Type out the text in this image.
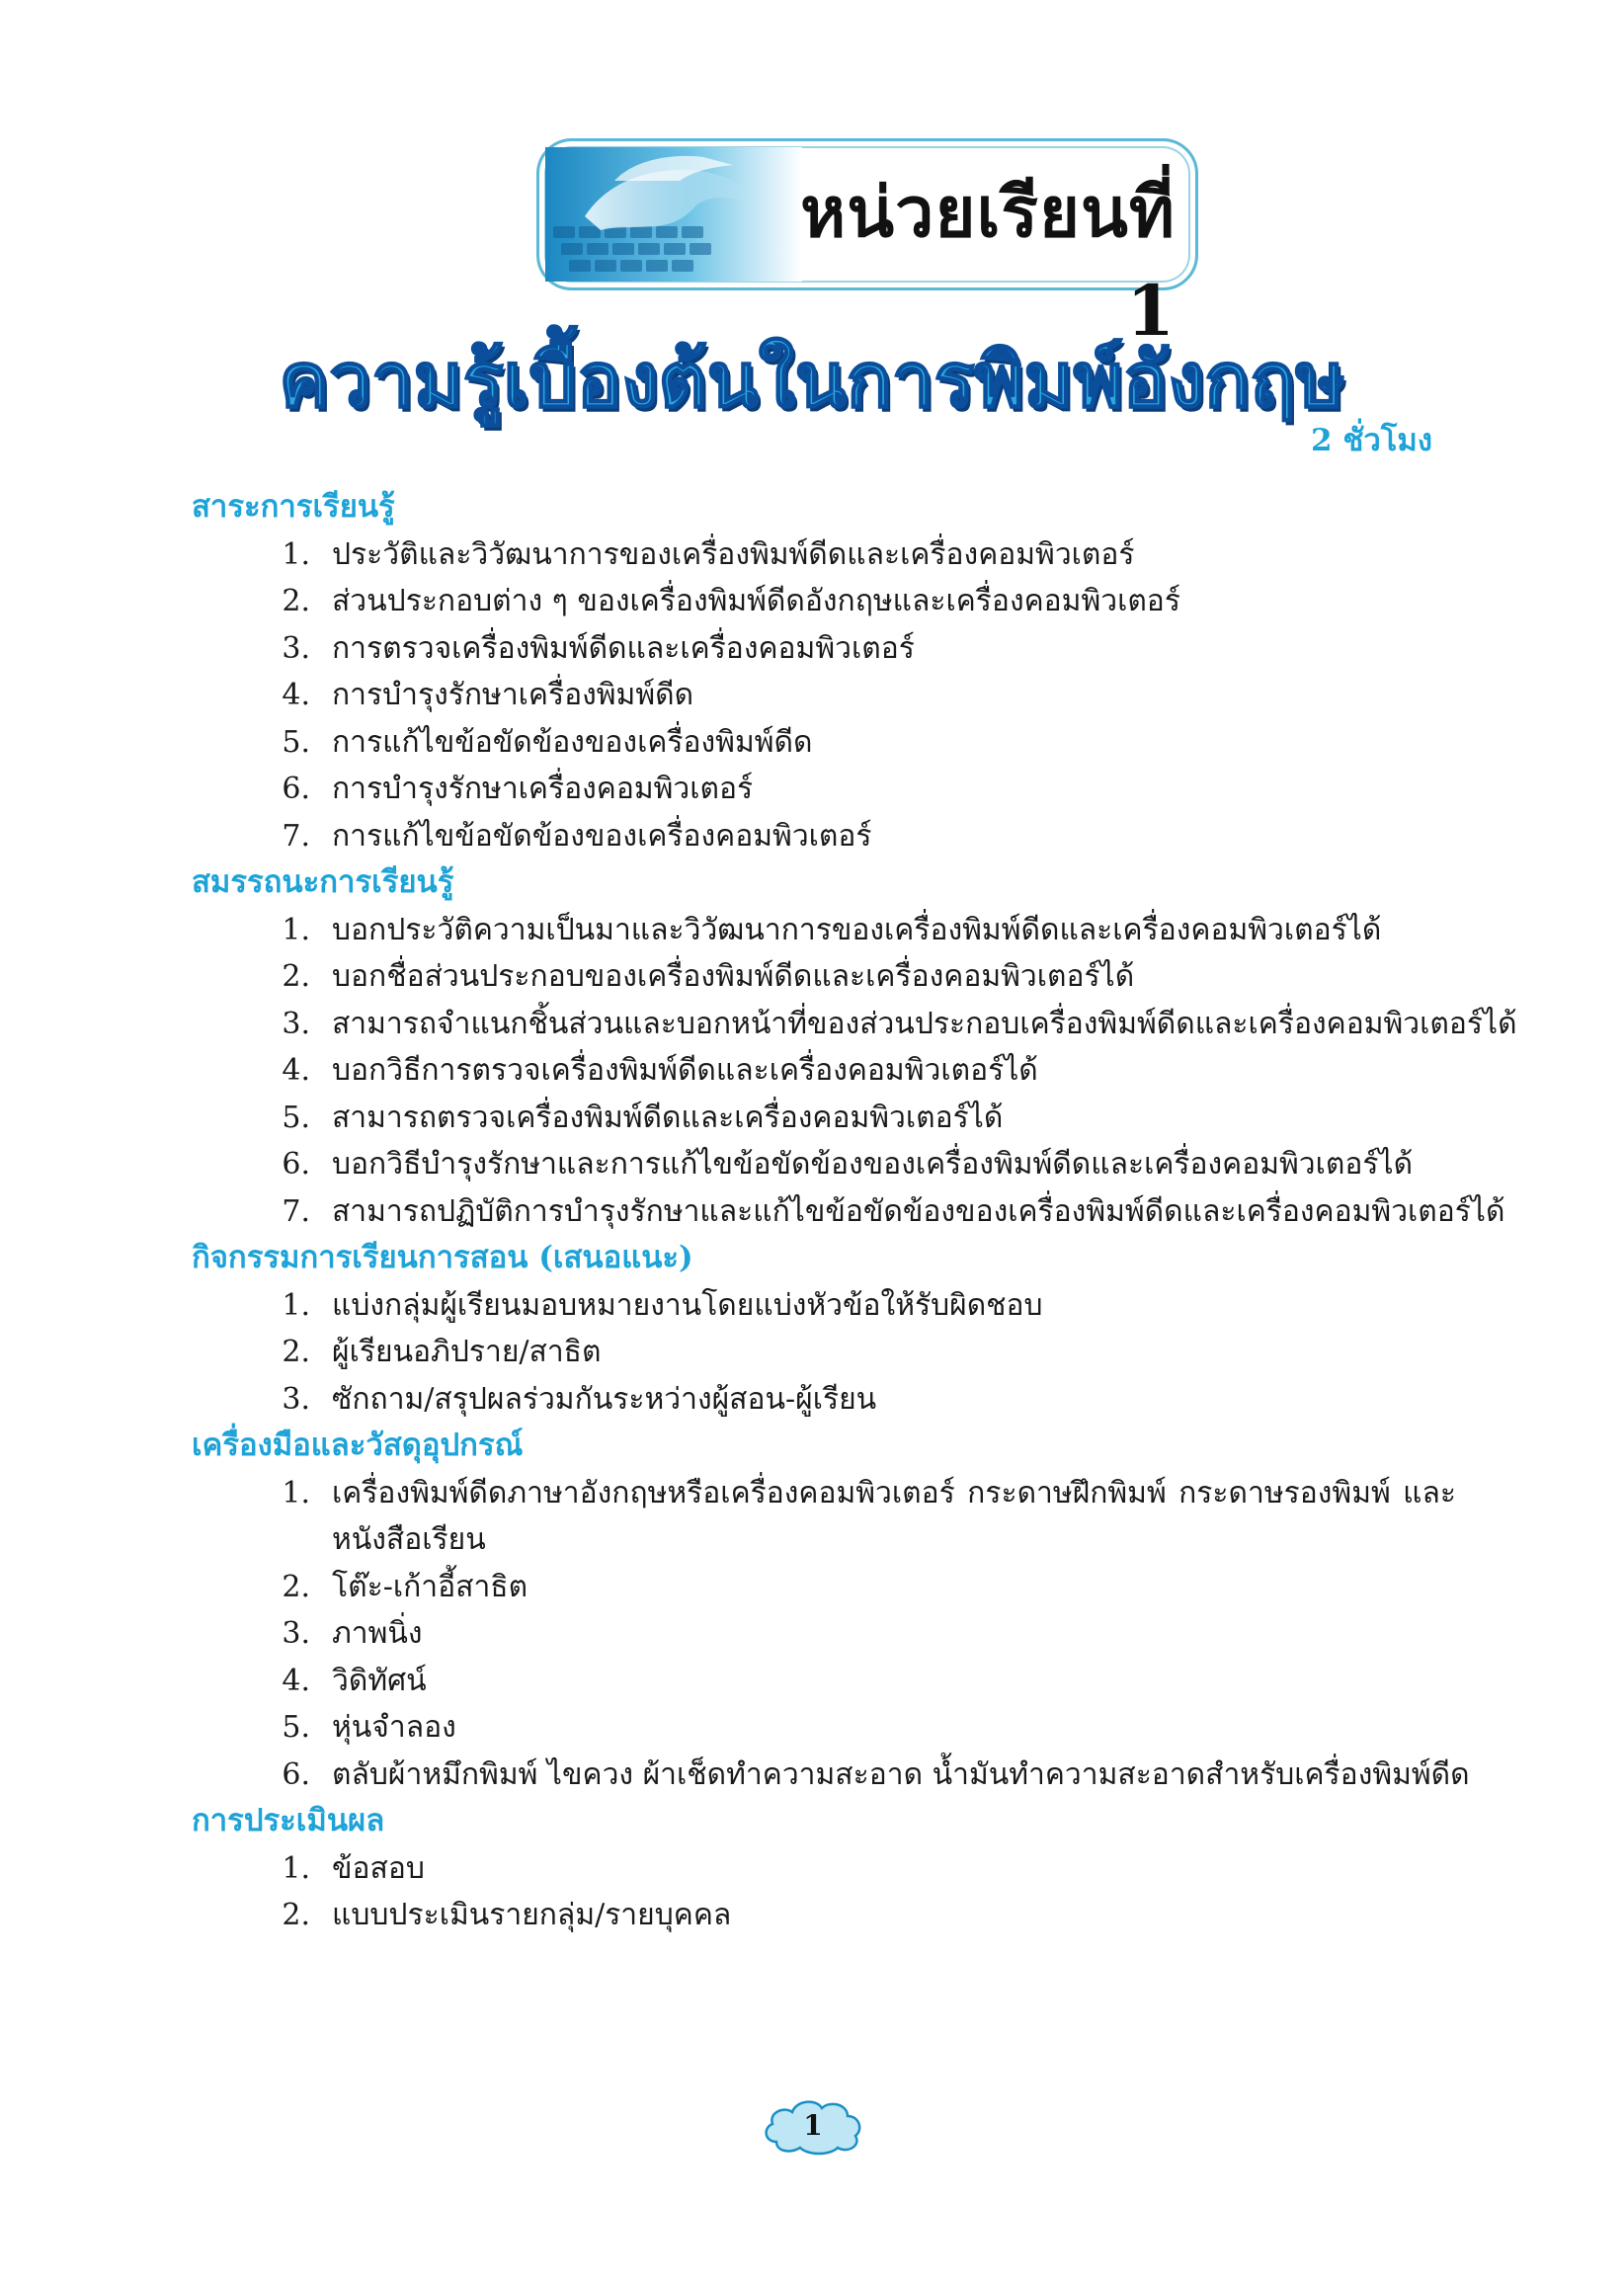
หน่วยเรียนที่ 1
ความรู้เบื้องต้นในการพิมพ์อังกฤษ
2 ชั่วโมง
สาระการเรียนรู้
1. ประวัติและวิวัฒนาการของเครื่องพิมพ์ดีดและเครื่องคอมพิวเตอร์
2. ส่วนประกอบต่าง ๆ ของเครื่องพิมพ์ดีดอังกฤษและเครื่องคอมพิวเตอร์
3. การตรวจเครื่องพิมพ์ดีดและเครื่องคอมพิวเตอร์
4. การบำรุงรักษาเครื่องพิมพ์ดีด
5. การแก้ไขข้อขัดข้องของเครื่องพิมพ์ดีด
6. การบำรุงรักษาเครื่องคอมพิวเตอร์
7. การแก้ไขข้อขัดข้องของเครื่องคอมพิวเตอร์
สมรรถนะการเรียนรู้
1. บอกประวัติความเป็นมาและวิวัฒนาการของเครื่องพิมพ์ดีดและเครื่องคอมพิวเตอร์ได้
2. บอกชื่อส่วนประกอบของเครื่องพิมพ์ดีดและเครื่องคอมพิวเตอร์ได้
3. สามารถจำแนกชิ้นส่วนและบอกหน้าที่ของส่วนประกอบเครื่องพิมพ์ดีดและเครื่องคอมพิวเตอร์ได้
4. บอกวิธีการตรวจเครื่องพิมพ์ดีดและเครื่องคอมพิวเตอร์ได้
5. สามารถตรวจเครื่องพิมพ์ดีดและเครื่องคอมพิวเตอร์ได้
6. บอกวิธีบำรุงรักษาและการแก้ไขข้อขัดข้องของเครื่องพิมพ์ดีดและเครื่องคอมพิวเตอร์ได้
7. สามารถปฏิบัติการบำรุงรักษาและแก้ไขข้อขัดข้องของเครื่องพิมพ์ดีดและเครื่องคอมพิวเตอร์ได้
กิจกรรมการเรียนการสอน (เสนอแนะ)
1. แบ่งกลุ่มผู้เรียนมอบหมายงานโดยแบ่งหัวข้อให้รับผิดชอบ
2. ผู้เรียนอภิปราย/สาธิต
3. ซักถาม/สรุปผลร่วมกันระหว่างผู้สอน-ผู้เรียน
เครื่องมือและวัสดุอุปกรณ์
1. เครื่องพิมพ์ดีดภาษาอังกฤษหรือเครื่องคอมพิวเตอร์ กระดาษฝึกพิมพ์ กระดาษรองพิมพ์ และหนังสือเรียน
2. โต๊ะ-เก้าอี้สาธิต
3. ภาพนิ่ง
4. วิดิทัศน์
5. หุ่นจำลอง
6. ตลับผ้าหมึกพิมพ์ ไขควง ผ้าเช็ดทำความสะอาด น้ำมันทำความสะอาดสำหรับเครื่องพิมพ์ดีด
การประเมินผล
1. ข้อสอบ
2. แบบประเมินรายกลุ่ม/รายบุคคล
1
